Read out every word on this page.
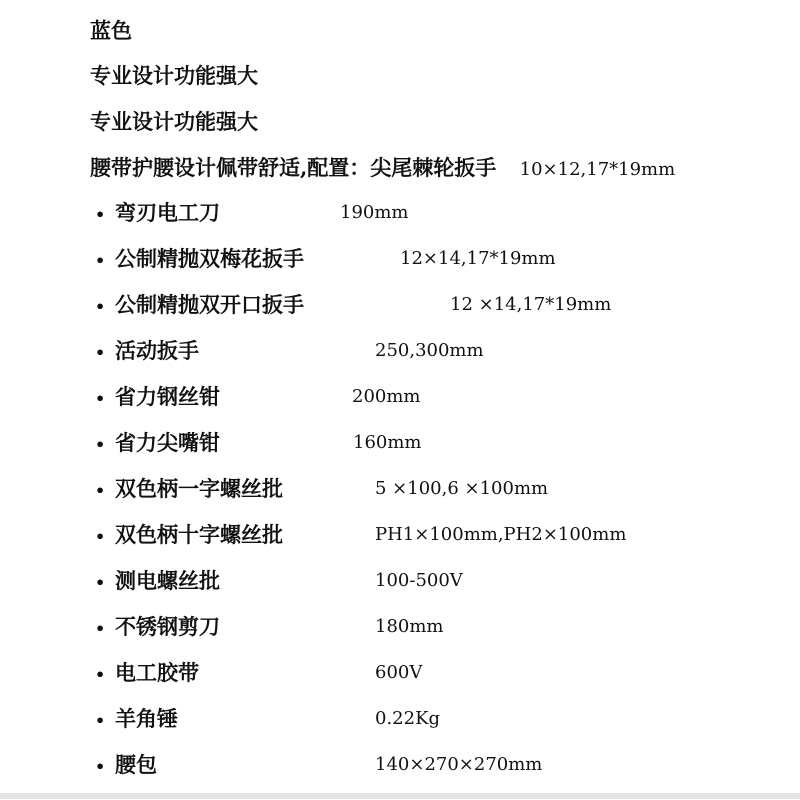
蓝色
专业设计功能强大
专业设计功能强大
腰带护腰设计佩带舒适,配置：尖尾棘轮扳手 10×12,17*19mm
• 弯刃电工刀	190mm
• 公制精抛双梅花扳手	12×14,17*19mm
• 公制精抛双开口扳手	12 ×14,17*19mm
• 活动扳手	250,300mm
• 省力钢丝钳	200mm
• 省力尖嘴钳	160mm
• 双色柄一字螺丝批	5 ×100,6 ×100mm
• 双色柄十字螺丝批	PH1×100mm,PH2×100mm
• 测电螺丝批	100-500V
• 不锈钢剪刀	180mm
• 电工胶带	600V
• 羊角锤	0.22Kg
• 腰包	140×270×270mm
